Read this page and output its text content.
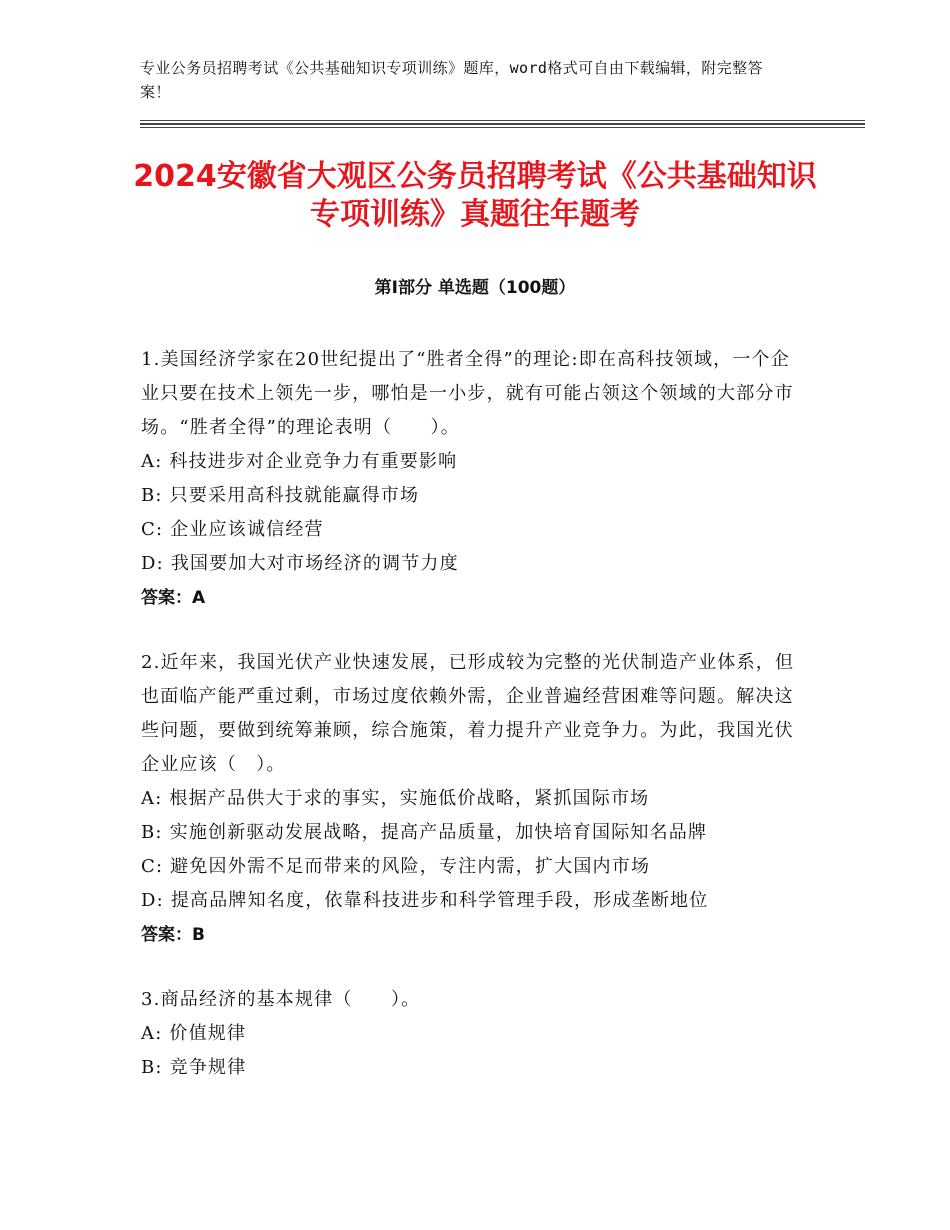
专业公务员招聘考试《公共基础知识专项训练》题库，word格式可自由下载编辑，附完整答案！
2024安徽省大观区公务员招聘考试《公共基础知识专项训练》真题往年题考
第Ⅰ部分 单选题（100题）

1.美国经济学家在20世纪提出了“胜者全得”的理论:即在高科技领域，一个企业只要在技术上领先一步，哪怕是一小步，就有可能占领这个领域的大部分市场。“胜者全得”的理论表明（　　）。

A: 科技进步对企业竞争力有重要影响

B: 只要采用高科技就能赢得市场

C: 企业应该诚信经营

D: 我国要加大对市场经济的调节力度

答案：A

2.近年来，我国光伏产业快速发展，已形成较为完整的光伏制造产业体系，但也面临产能严重过剩，市场过度依赖外需，企业普遍经营困难等问题。解决这些问题，要做到统筹兼顾，综合施策，着力提升产业竞争力。为此，我国光伏企业应该（　）。

A: 根据产品供大于求的事实，实施低价战略，紧抓国际市场

B: 实施创新驱动发展战略，提高产品质量，加快培育国际知名品牌

C: 避免因外需不足而带来的风险，专注内需，扩大国内市场

D: 提高品牌知名度，依靠科技进步和科学管理手段，形成垄断地位

答案：B

3.商品经济的基本规律（　　）。

A: 价值规律

B: 竞争规律
